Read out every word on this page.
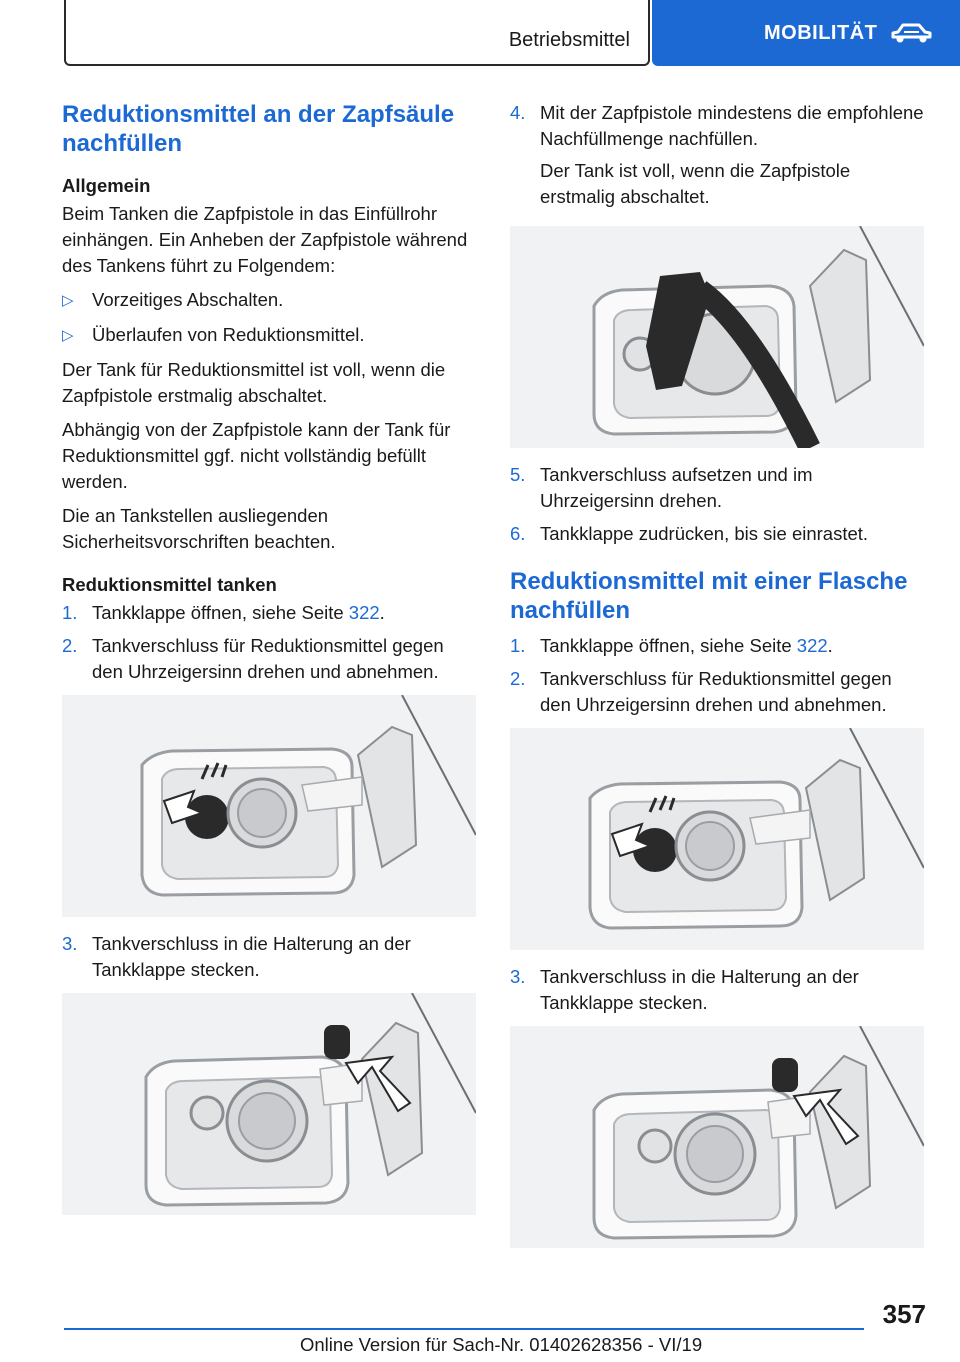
Betriebsmittel	MOBILITÄT
Reduktionsmittel an der Zapfsäule nachfüllen
Allgemein

Beim Tanken die Zapfpistole in das Einfüllrohr einhängen. Ein Anheben der Zapfpistole während des Tankens führt zu Folgendem:

▷ Vorzeitiges Abschalten.
▷ Überlaufen von Reduktionsmittel.

Der Tank für Reduktionsmittel ist voll, wenn die Zapfpistole erstmalig abschaltet.

Abhängig von der Zapfpistole kann der Tank für Reduktionsmittel ggf. nicht vollständig befüllt werden.

Die an Tankstellen ausliegenden Sicherheitsvorschriften beachten.

Reduktionsmittel tanken
1. Tankklappe öffnen, siehe Seite 322.
2. Tankverschluss für Reduktionsmittel gegen den Uhrzeigersinn drehen und abnehmen.
3. Tankverschluss in die Halterung an der Tankklappe stecken.
4. Mit der Zapfpistole mindestens die empfohlene Nachfüllmenge nachfüllen.

Der Tank ist voll, wenn die Zapfpistole erstmalig abschaltet.

5. Tankverschluss aufsetzen und im Uhrzeigersinn drehen.
6. Tankklappe zudrücken, bis sie einrastet.
Reduktionsmittel mit einer Flasche nachfüllen
1. Tankklappe öffnen, siehe Seite 322.
2. Tankverschluss für Reduktionsmittel gegen den Uhrzeigersinn drehen und abnehmen.
3. Tankverschluss in die Halterung an der Tankklappe stecken.
357
Online Version für Sach-Nr. 01402628356 - VI/19
